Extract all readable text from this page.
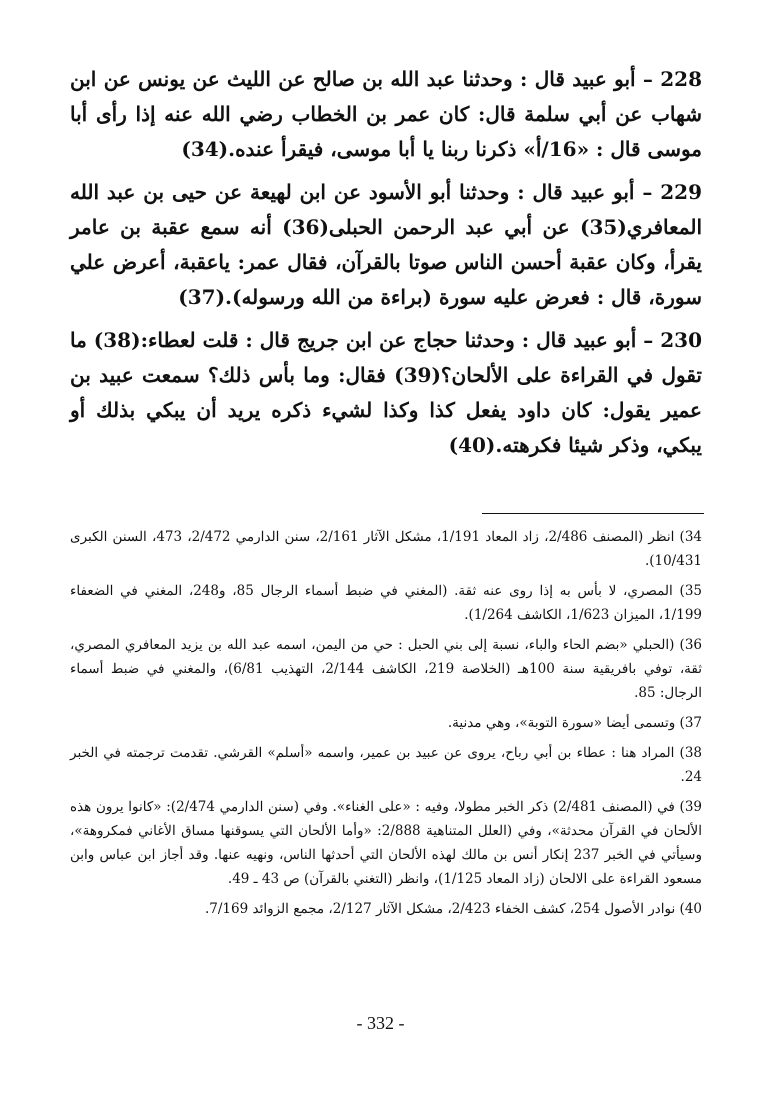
228 – أبو عبيد قال : وحدثنا عبد الله بن صالح عن الليث عن يونس عن ابن شهاب عن أبي سلمة قال: كان عمر بن الخطاب رضي الله عنه إذا رأى أبا موسى قال : «16/أ» ذكرنا ربنا يا أبا موسى، فيقرأ عنده.(34)

229 – أبو عبيد قال : وحدثنا أبو الأسود عن ابن لهيعة عن حيى بن عبد الله المعافري(35) عن أبي عبد الرحمن الحبلى(36) أنه سمع عقبة بن عامر يقرأ، وكان عقبة أحسن الناس صوتا بالقرآن، فقال عمر: ياعقبة، أعرض علي سورة، قال : فعرض عليه سورة (براءة من الله ورسوله).(37)

230 – أبو عبيد قال : وحدثنا حجاج عن ابن جريج قال : قلت لعطاء:(38) ما تقول في القراءة على الألحان؟(39) فقال: وما بأس ذلك؟ سمعت عبيد بن عمير يقول: كان داود يفعل كذا وكذا لشيء ذكره يريد أن يبكي بذلك أو يبكي، وذكر شيئا فكرهته.(40)

34) انظر (المصنف 2/486، زاد المعاد 1/191، مشكل الآثار 2/161، سنن الدارمي 2/472، 473، السنن الكبرى 10/431).

35) المصري، لا بأس به إذا روى عنه ثقة. (المغني في ضبط أسماء الرجال 85، و248، المغني في الضعفاء 1/199، الميزان 1/623، الكاشف 1/264).

36) (الحبلي «بضم الحاء والباء، نسبة إلى بني الحبل : حي من اليمن، اسمه عبد الله بن يزيد المعافري المصري، ثقة، توفي بافريقية سنة 100هـ (الخلاصة 219، الكاشف 2/144، التهذيب 6/81)، والمغني في ضبط أسماء الرجال: 85.

37) وتسمى أيضا «سورة التوبة»، وهي مدنية.

38) المراد هنا : عطاء بن أبي رباح، يروى عن عبيد بن عمير، واسمه «أسلم» القرشي. تقدمت ترجمته في الخبر 24.

39) في (المصنف 2/481) ذكر الخبر مطولا، وفيه : «على الغناء». وفي (سنن الدارمي 2/474): «كانوا يرون هذه الألحان في القرآن محدثة»، وفي (العلل المتناهية 2/888: «وأما الألحان التي يسوقنها مساق الأغاني فمكروهة»، وسيأتي في الخبر 237 إنكار أنس بن مالك لهذه الألحان التي أحدثها الناس، ونهيه عنها. وقد أجاز ابن عباس وابن مسعود القراءة على الالحان (زاد المعاد 1/125)، وانظر (التغني بالقرآن) ص 43 ـ 49.

40) نوادر الأصول 254، كشف الخفاء 2/423، مشكل الآثار 2/127، مجمع الزوائد 7/169.

- 332 -
